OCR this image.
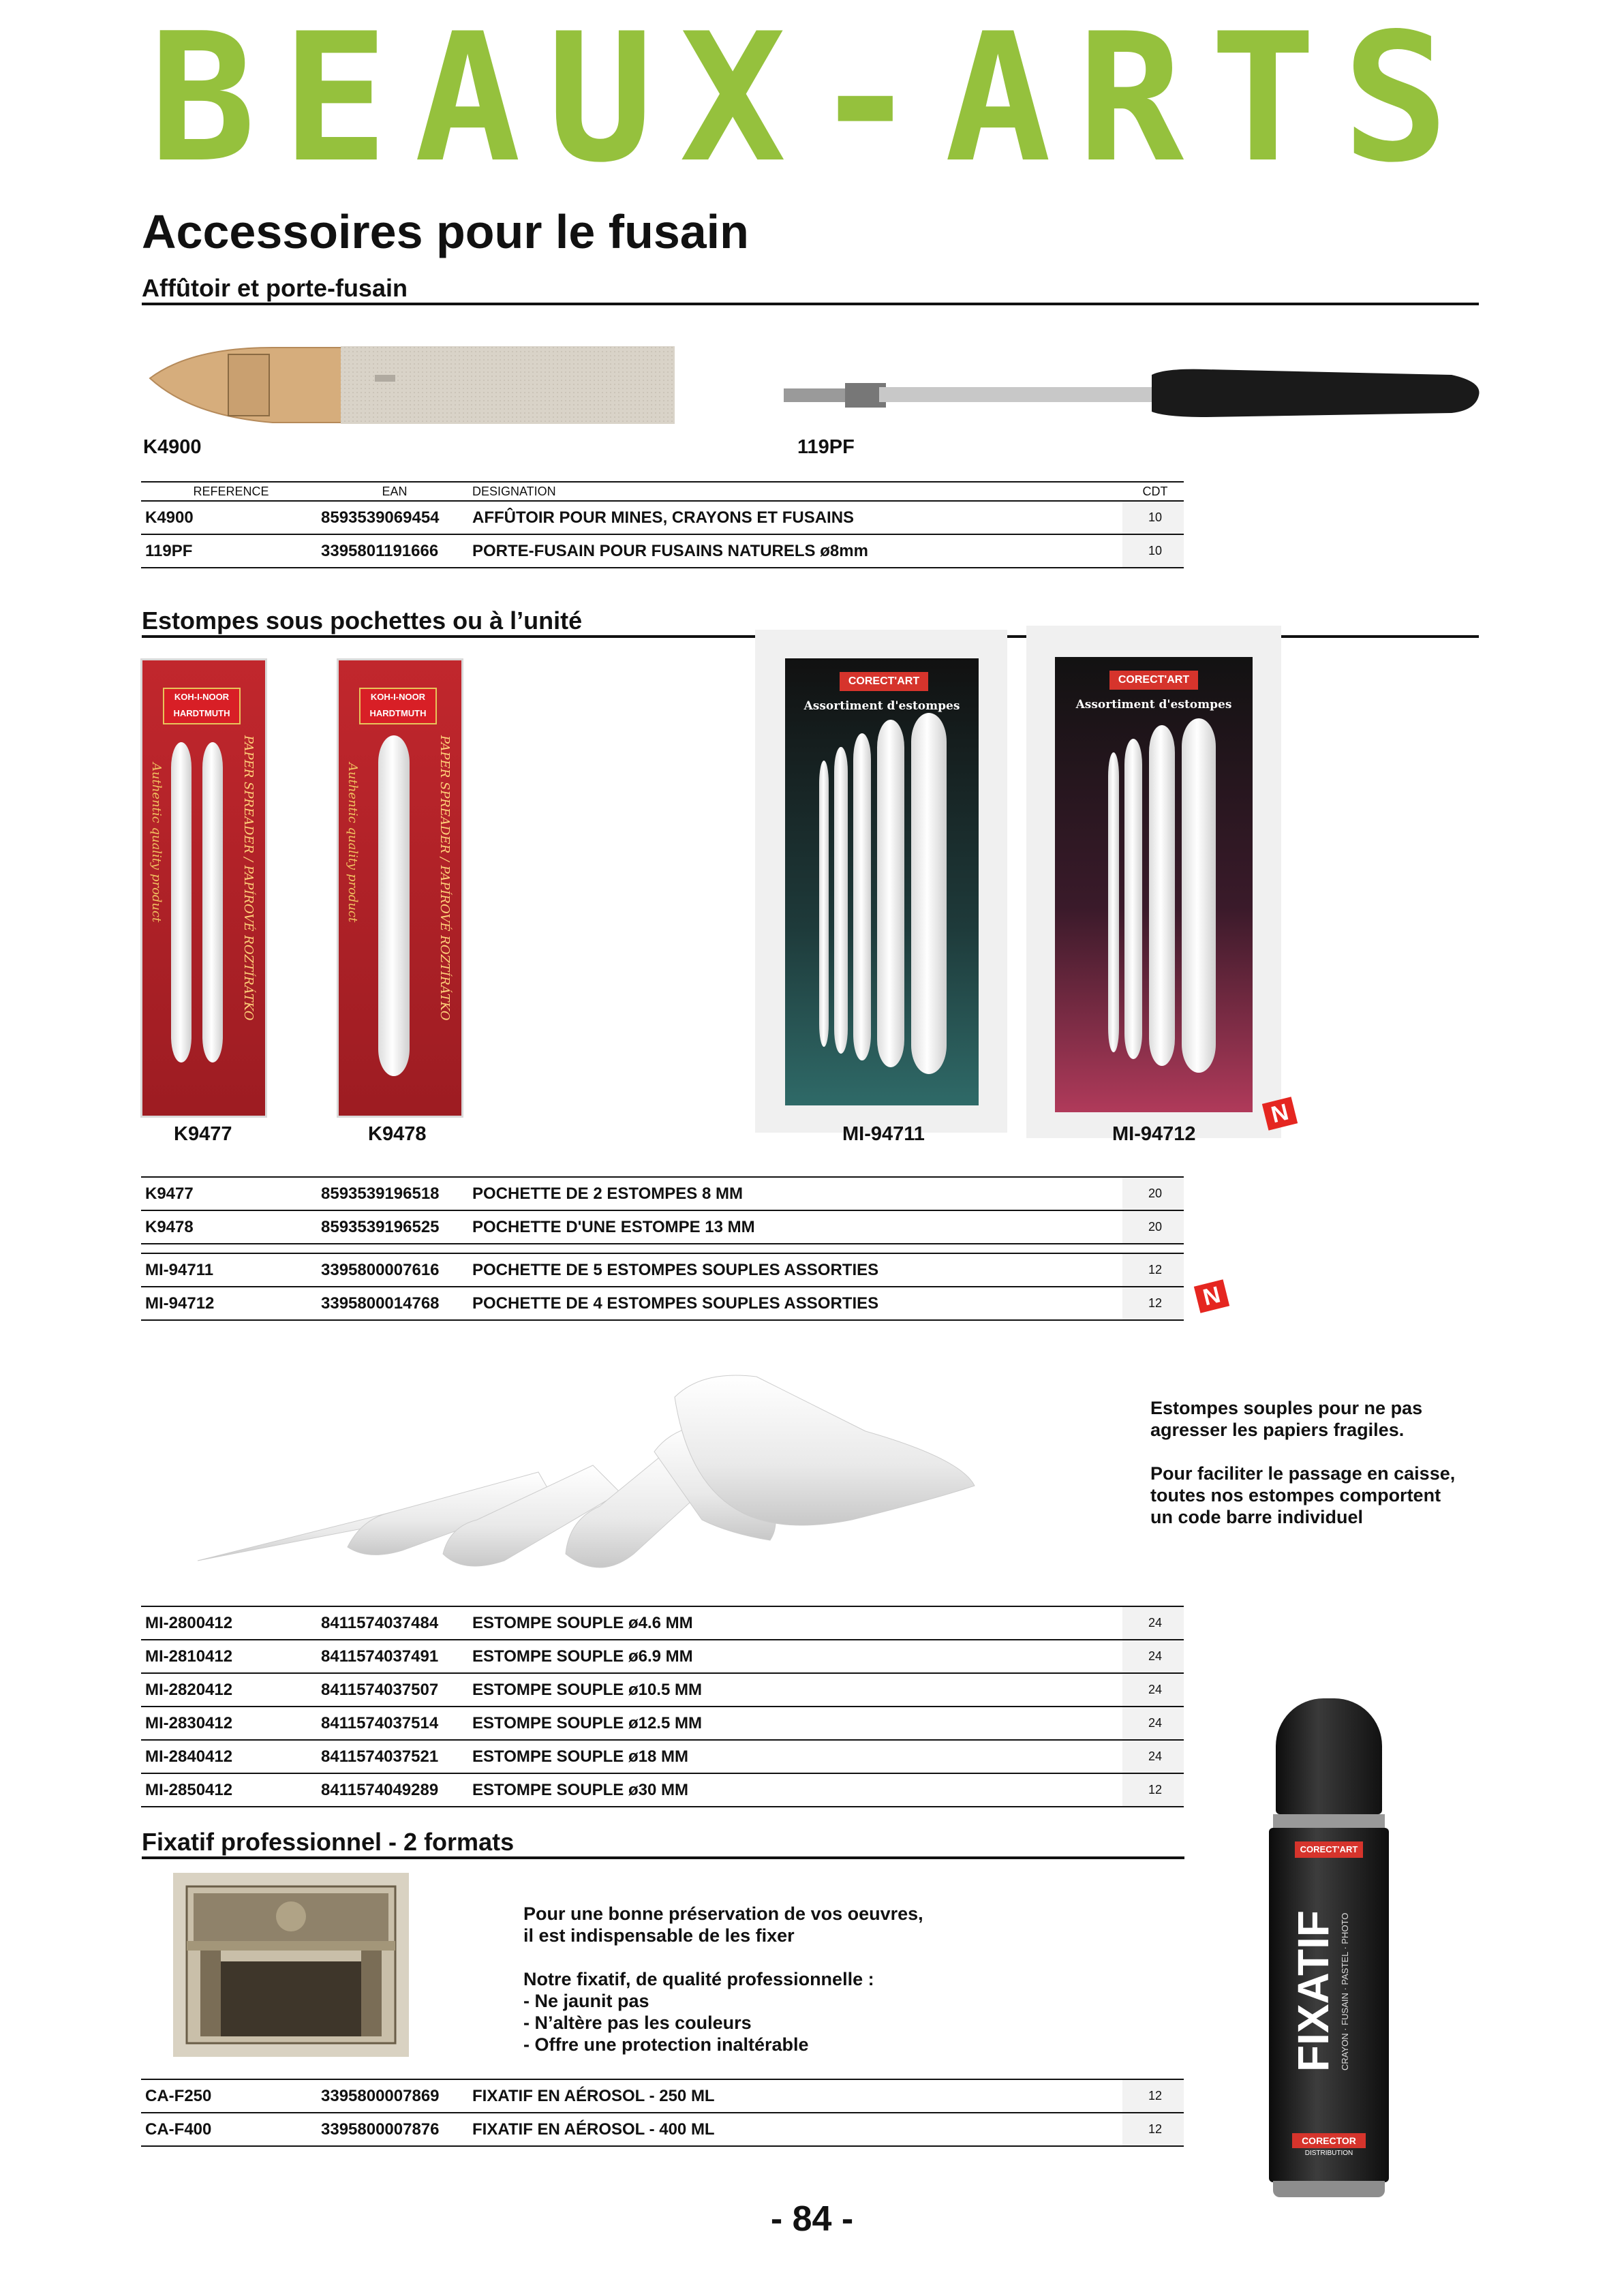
BEAUX-ARTS
Accessoires pour le fusain
Affûtoir et porte-fusain
K4900	119PF
REFERENCE	EAN	DESIGNATION	CDT
K4900	8593539069454	AFFÛTOIR POUR MINES, CRAYONS ET FUSAINS	10
119PF	3395801191666	PORTE-FUSAIN POUR FUSAINS NATURELS ø8mm	10
Estompes sous pochettes ou à l’unité
KOH-I-NOOR HARDTMUTH
Authentic quality product	PAPER SPREADER / PAPÍROVÉ ROZTÍRÁTKO
KOH-I-NOOR HARDTMUTH
Authentic quality product	PAPER SPREADER / PAPÍROVÉ ROZTÍRÁTKO
CORECT'ART
Assortiment d'estompes
CORECT'ART
Assortiment d'estompes
N
K9477	K9478	MI-94711	MI-94712
K9477	8593539196518	POCHETTE DE 2 ESTOMPES 8 MM	20
K9478	8593539196525	POCHETTE D'UNE ESTOMPE 13 MM	20

MI-94711	3395800007616	POCHETTE DE 5 ESTOMPES SOUPLES ASSORTIES	12
MI-94712	3395800014768	POCHETTE DE 4 ESTOMPES SOUPLES ASSORTIES	12 N
Estompes souples pour ne pas
agresser les papiers fragiles.
Pour faciliter le passage en caisse,
toutes nos estompes comportent
un code barre individuel
MI-2800412	8411574037484	ESTOMPE SOUPLE ø4.6 MM	24
MI-2810412	8411574037491	ESTOMPE SOUPLE ø6.9 MM	24
MI-2820412	8411574037507	ESTOMPE SOUPLE ø10.5 MM	24
MI-2830412	8411574037514	ESTOMPE SOUPLE ø12.5 MM	24
MI-2840412	8411574037521	ESTOMPE SOUPLE ø18 MM	24
MI-2850412	8411574049289	ESTOMPE SOUPLE ø30 MM	12
Fixatif professionnel - 2 formats
Pour une bonne préservation de vos oeuvres,
il est indispensable de les fixer
Notre fixatif, de qualité professionnelle :
- Ne jaunit pas
- N’altère pas les couleurs
- Offre une protection inaltérable
CORECT'ART
FIXATIF CRAYON · FUSAIN · PASTEL · PHOTO
CORECTOR
DISTRIBUTION
CA-F250	3395800007869	FIXATIF EN AÉROSOL - 250 ML	12
CA-F400	3395800007876	FIXATIF EN AÉROSOL - 400 ML	12
- 84 -
